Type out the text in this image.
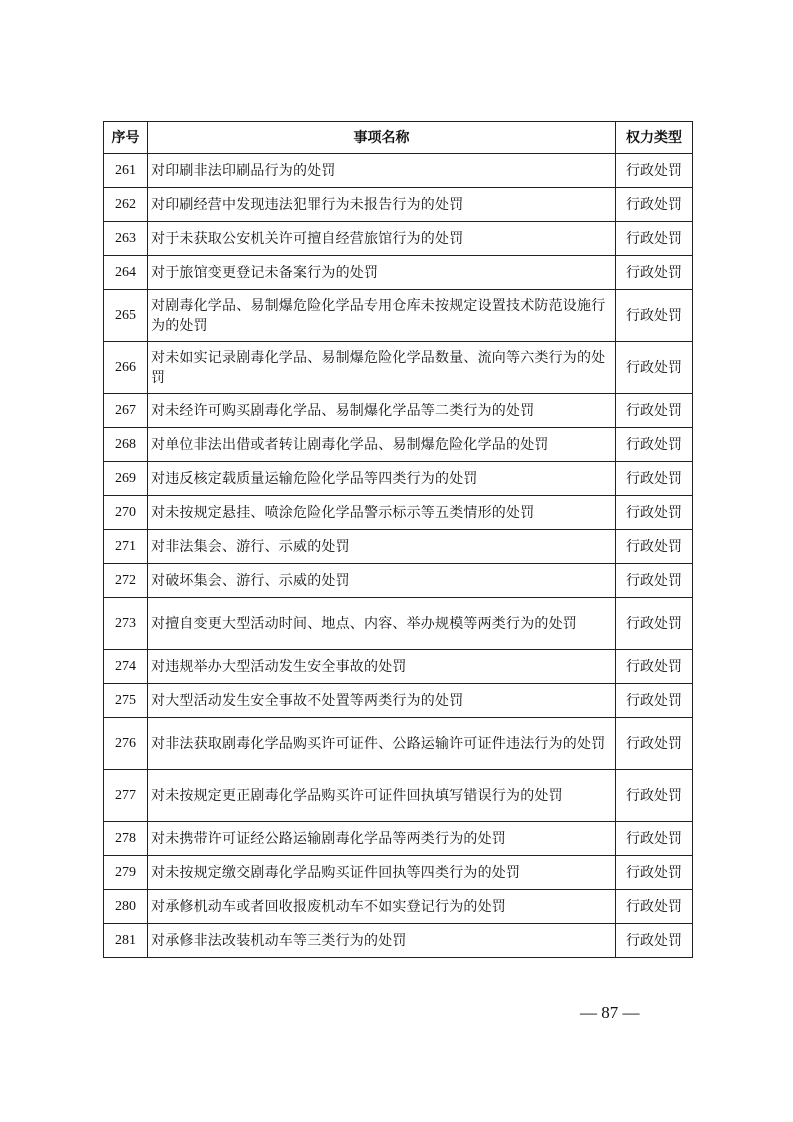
序号	事项名称	权力类型
261	对印刷非法印刷品行为的处罚	行政处罚
262	对印刷经营中发现违法犯罪行为未报告行为的处罚	行政处罚
263	对于未获取公安机关许可擅自经营旅馆行为的处罚	行政处罚
264	对于旅馆变更登记未备案行为的处罚	行政处罚
265	对剧毒化学品、易制爆危险化学品专用仓库未按规定设置技术防范设施行为的处罚	行政处罚
266	对未如实记录剧毒化学品、易制爆危险化学品数量、流向等六类行为的处罚	行政处罚
267	对未经许可购买剧毒化学品、易制爆化学品等二类行为的处罚	行政处罚
268	对单位非法出借或者转让剧毒化学品、易制爆危险化学品的处罚	行政处罚
269	对违反核定载质量运输危险化学品等四类行为的处罚	行政处罚
270	对未按规定悬挂、喷涂危险化学品警示标示等五类情形的处罚	行政处罚
271	对非法集会、游行、示威的处罚	行政处罚
272	对破坏集会、游行、示威的处罚	行政处罚
273	对擅自变更大型活动时间、地点、内容、举办规模等两类行为的处罚	行政处罚
274	对违规举办大型活动发生安全事故的处罚	行政处罚
275	对大型活动发生安全事故不处置等两类行为的处罚	行政处罚
276	对非法获取剧毒化学品购买许可证件、公路运输许可证件违法行为的处罚	行政处罚
277	对未按规定更正剧毒化学品购买许可证件回执填写错误行为的处罚	行政处罚
278	对未携带许可证经公路运输剧毒化学品等两类行为的处罚	行政处罚
279	对未按规定缴交剧毒化学品购买证件回执等四类行为的处罚	行政处罚
280	对承修机动车或者回收报废机动车不如实登记行为的处罚	行政处罚
281	对承修非法改装机动车等三类行为的处罚	行政处罚
— 87 —
